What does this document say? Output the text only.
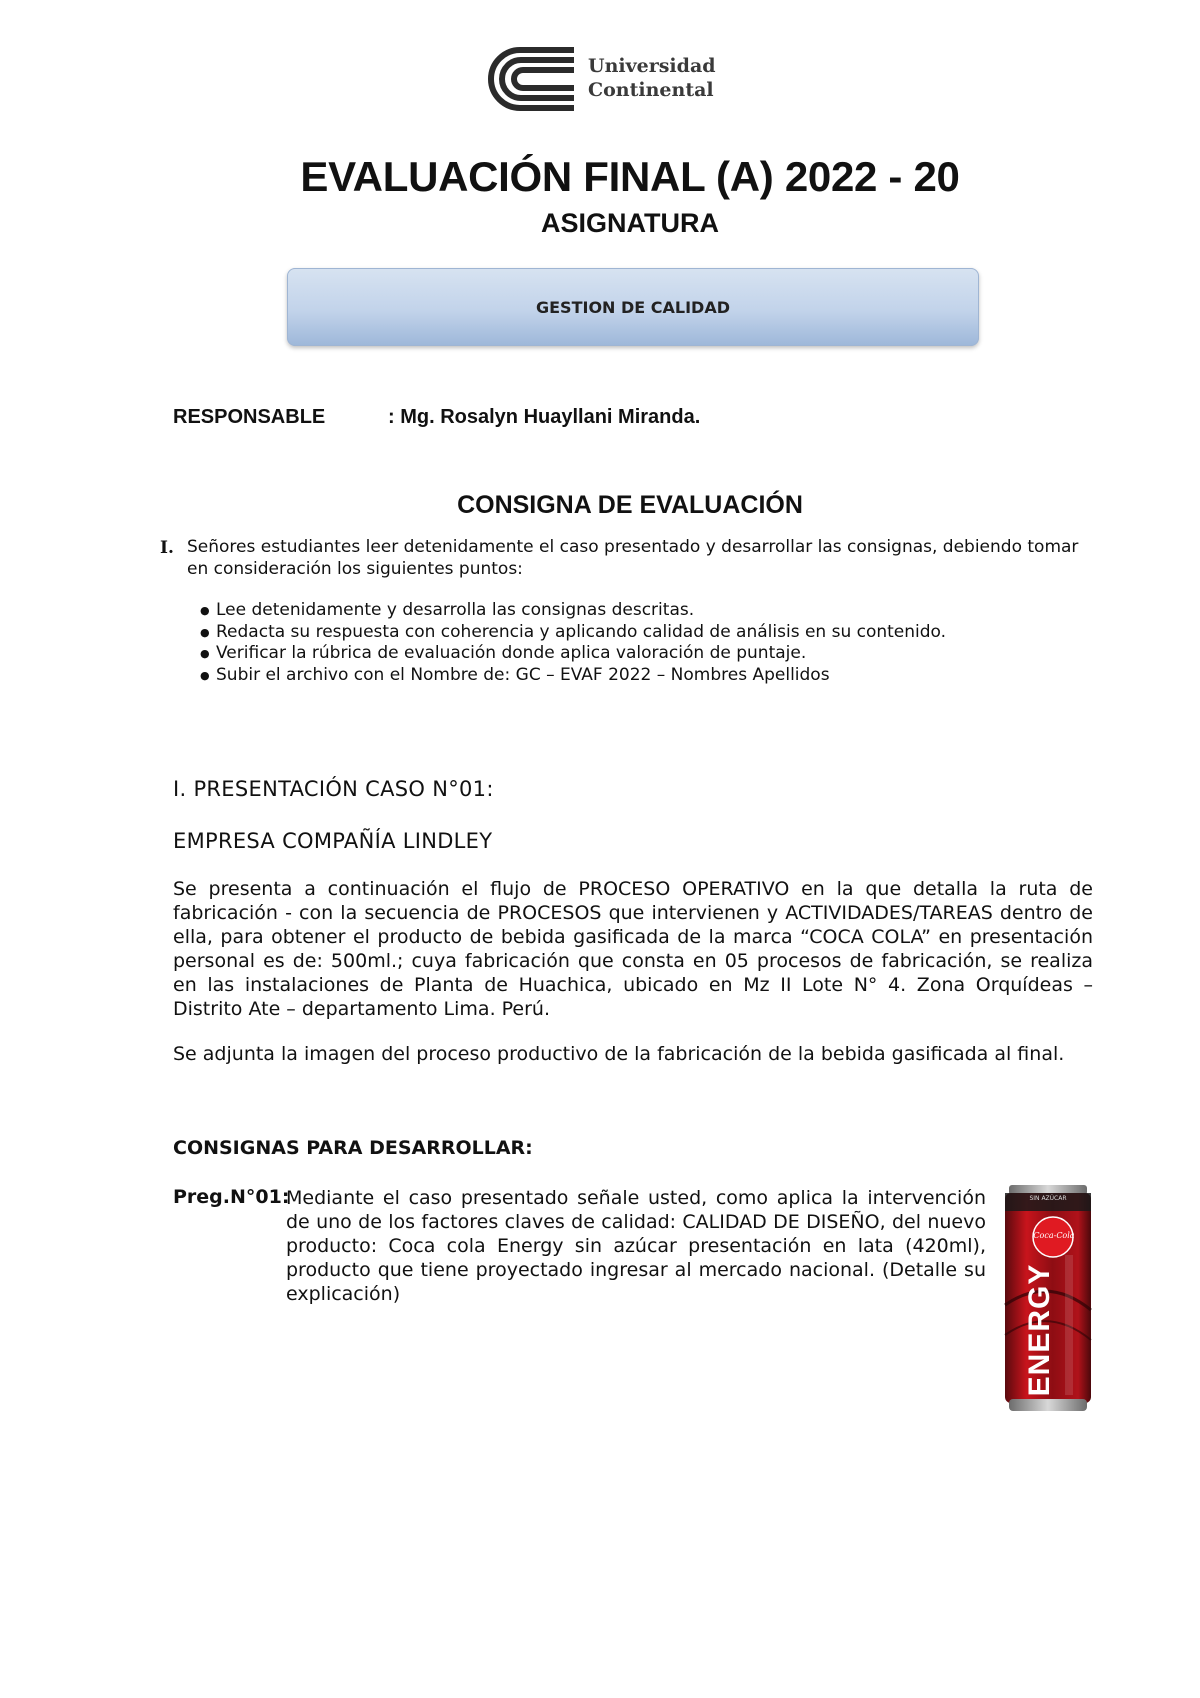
Universidad
Continental
EVALUACIÓN FINAL (A) 2022 - 20
ASIGNATURA
GESTION DE CALIDAD
RESPONSABLE	: Mg. Rosalyn Huayllani Miranda.
CONSIGNA DE EVALUACIÓN
I. Señores estudiantes leer detenidamente el caso presentado y desarrollar las consignas, debiendo tomar en consideración los siguientes puntos:
● Lee detenidamente y desarrolla las consignas descritas.
● Redacta su respuesta con coherencia y aplicando calidad de análisis en su contenido.
● Verificar la rúbrica de evaluación donde aplica valoración de puntaje.
● Subir el archivo con el Nombre de: GC – EVAF 2022 – Nombres Apellidos
I. PRESENTACIÓN CASO N°01:
EMPRESA COMPAÑÍA LINDLEY
Se presenta a continuación el flujo de PROCESO OPERATIVO en la que detalla la ruta de fabricación - con la secuencia de PROCESOS que intervienen y ACTIVIDADES/TAREAS dentro de ella, para obtener el producto de bebida gasificada de la marca “COCA COLA” en presentación personal es de: 500ml.; cuya fabricación que consta en 05 procesos de fabricación, se realiza en las instalaciones de Planta de Huachica, ubicado en Mz II Lote N° 4. Zona Orquídeas – Distrito Ate – departamento Lima. Perú.
Se adjunta la imagen del proceso productivo de la fabricación de la bebida gasificada al final.
CONSIGNAS PARA DESARROLLAR:
Preg.N°01:
Mediante el caso presentado señale usted, como aplica la intervención de uno de los factores claves de calidad: CALIDAD DE DISEÑO, del nuevo producto: Coca cola Energy sin azúcar presentación en lata (420ml), producto que tiene proyectado ingresar al mercado nacional. (Detalle su explicación)
SIN AZÚCAR
Coca-Cola
ENERGY
